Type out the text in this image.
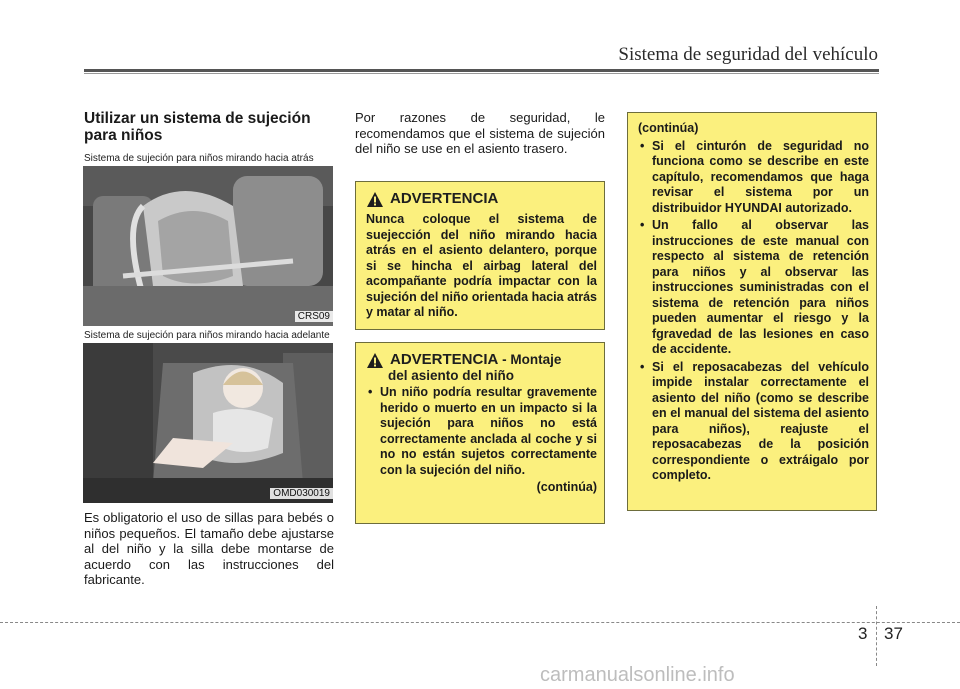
Sistema de seguridad del vehículo
Utilizar un sistema de sujeción
para niños
Sistema de sujeción para niños mirando hacia atrás
CRS09
Sistema de sujeción para niños mirando hacia adelante
OMD030019
Es obligatorio el uso de sillas para bebés o niños pequeños. El tamaño debe ajustarse al del niño y la silla debe montarse de acuerdo con las instrucciones del fabricante.
Por razones de seguridad, le recomendamos que el sistema de sujeción del niño se use en el asiento trasero.
ADVERTENCIA
Nunca coloque el sistema de suejección del niño mirando hacia atrás en el asiento delantero, porque si se hincha el airbag lateral del acompañante podría impactar con la sujeción del niño orientada hacia atrás y matar al niño.
ADVERTENCIA - Montaje
del asiento del niño
• Un niño podría resultar gravemente herido o muerto en un impacto si la sujeción para niños no está correctamente anclada al coche y si no no están sujetos correctamente con la sujeción del niño.
(continúa)
(continúa)
• Si el cinturón de seguridad no funciona como se describe en este capítulo, recomendamos que haga revisar el sistema por un distribuidor HYUNDAI autorizado.
• Un fallo al observar las instrucciones de este manual con respecto al sistema de retención para niños y al observar las instrucciones suministradas con el sistema de retención para niños pueden aumentar el riesgo y la fgravedad de las lesiones en caso de accidente.
• Si el reposacabezas del vehículo impide instalar correctamente el asiento del niño (como se describe en el manual del sistema del asiento para niños), reajuste el reposacabezas de la posición correspondiente o extráigalo por completo.
3 37
carmanualsonline.info
